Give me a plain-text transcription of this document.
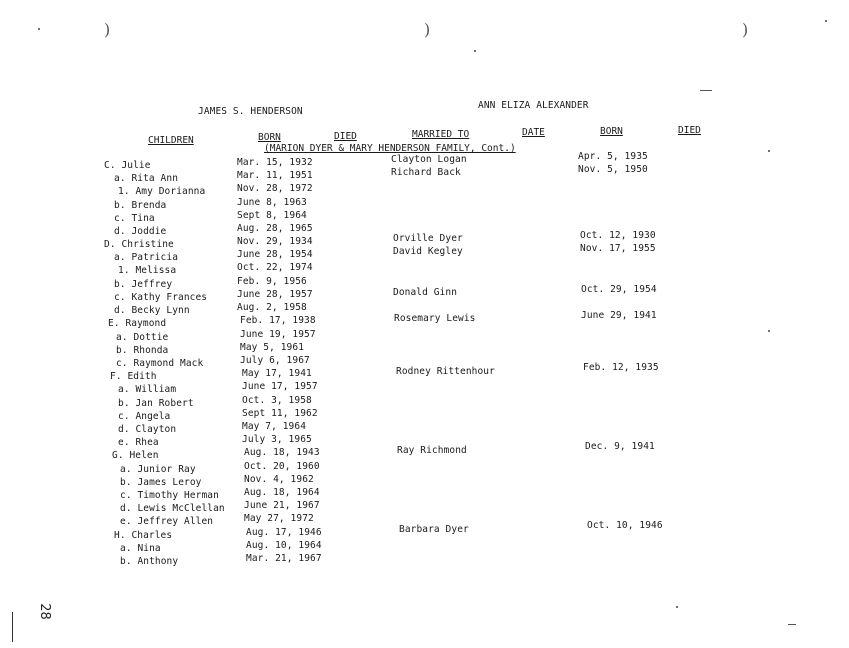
)	)	)
JAMES S. HENDERSON
ANN ELIZA ALEXANDER
CHILDREN	BORN	DIED	MARRIED TO	DATE	BORN	DIED
(MARION DYER & MARY HENDERSON FAMILY, Cont.)
C. Julie	Mar. 15, 1932
a. Rita Ann	Mar. 11, 1951
1. Amy Dorianna	Nov. 28, 1972
b. Brenda	June 8, 1963
c. Tina	Sept 8, 1964
d. Joddie	Aug. 28, 1965
D. Christine	Nov. 29, 1934
a. Patricia	June 28, 1954
1. Melissa	Oct. 22, 1974
b. Jeffrey	Feb. 9, 1956
c. Kathy Frances	June 28, 1957
d. Becky Lynn	Aug. 2, 1958
E. Raymond	Feb. 17, 1938
a. Dottie	June 19, 1957
b. Rhonda	May 5, 1961
c. Raymond Mack	July 6, 1967
F. Edith	May 17, 1941
a. William	June 17, 1957
b. Jan Robert	Oct. 3, 1958
c. Angela	Sept 11, 1962
d. Clayton	May 7, 1964
e. Rhea	July 3, 1965
G. Helen	Aug. 18, 1943
a. Junior Ray	Oct. 20, 1960
b. James Leroy	Nov. 4, 1962
c. Timothy Herman	Aug. 18, 1964
d. Lewis McClellan June 21, 1967
e. Jeffrey Allen	May 27, 1972
H. Charles	Aug. 17, 1946
a. Nina	Aug. 10, 1964
b. Anthony	Mar. 21, 1967
Clayton Logan	Apr. 5, 1935
Richard Back	Nov. 5, 1950
Orville Dyer	Oct. 12, 1930
David Kegley	Nov. 17, 1955
Donald Ginn	Oct. 29, 1954
Rosemary Lewis	June 29, 1941
Rodney Rittenhour	Feb. 12, 1935
Ray Richmond	Dec. 9, 1941
Barbara Dyer	Oct. 10, 1946
28
